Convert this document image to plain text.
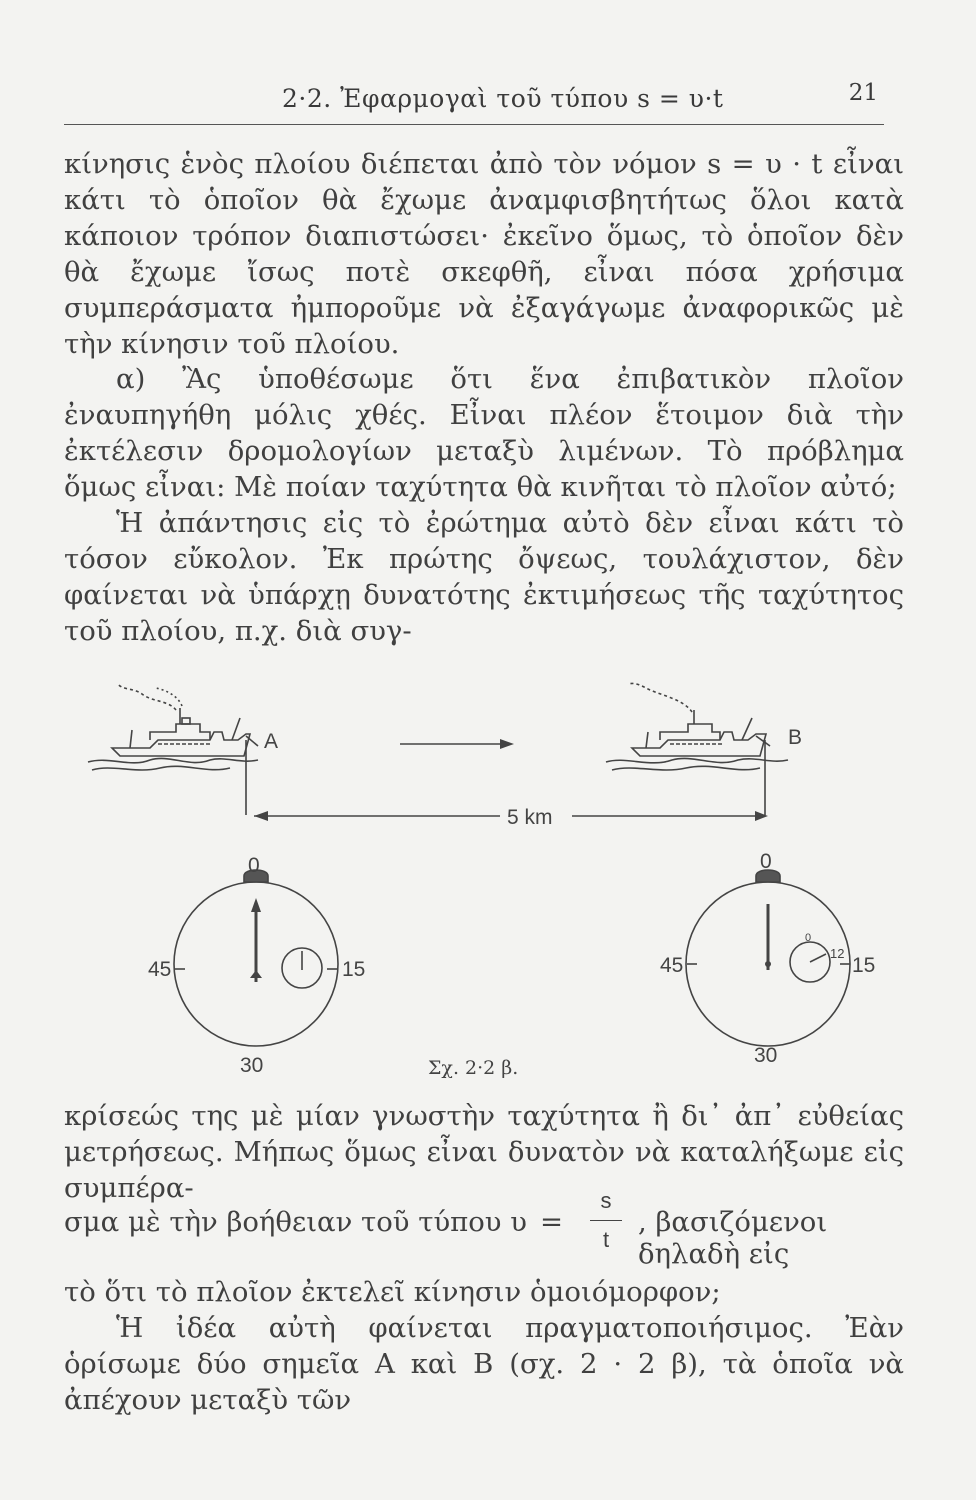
2·2. Ἐφαρμογαὶ τοῦ τύπου s = υ·t	21

κίνησις ἑνὸς πλοίου διέπεται ἀπὸ τὸν νόμον s = υ · t εἶναι κάτι τὸ ὁποῖον θὰ ἔχωμε ἀναμφισβητήτως ὅλοι κατὰ κάποιον τρόπον διαπιστώσει· ἐκεῖνο ὅμως, τὸ ὁποῖον δὲν θὰ ἔχωμε ἴσως ποτὲ σκεφθῆ, εἶναι πόσα χρήσιμα συμπεράσματα ἠμποροῦμε νὰ ἐξαγάγωμε ἀναφορικῶς μὲ τὴν κίνησιν τοῦ πλοίου.

α) Ἂς ὑποθέσωμε ὅτι ἕνα ἐπιβατικὸν πλοῖον ἐναυπηγήθη μόλις χθές. Εἶναι πλέον ἕτοιμον διὰ τὴν ἐκτέλεσιν δρομολογίων μεταξὺ λιμένων. Τὸ πρόβλημα ὅμως εἶναι: Μὲ ποίαν ταχύτητα θὰ κινῆται τὸ πλοῖον αὐτό;

Ἡ ἀπάντησις εἰς τὸ ἐρώτημα αὐτὸ δὲν εἶναι κάτι τὸ τόσον εὔκολον. Ἐκ πρώτης ὄψεως, τουλάχιστον, δὲν φαίνεται νὰ ὑπάρχῃ δυνατότης ἐκτιμήσεως τῆς ταχύτητος τοῦ πλοίου, π.χ. διὰ συγ-

A	B
5 km
0
45	15
30
0
45	15
30
0
12
Σχ. 2·2 β.

κρίσεώς της μὲ μίαν γνωστὴν ταχύτητα ἢ δι᾽ ἀπ᾽ εὐθείας μετρήσεως. Μήπως ὅμως εἶναι δυνατὸν νὰ καταλήξωμε εἰς συμπέρα-

σμα μὲ τὴν βοήθειαν τοῦ τύπου υ =
s
t
, βασιζόμενοι δηλαδὴ εἰς

τὸ ὅτι τὸ πλοῖον ἐκτελεῖ κίνησιν ὁμοιόμορφον;

Ἡ ἰδέα αὐτὴ φαίνεται πραγματοποιήσιμος. Ἐὰν ὁρίσωμε δύο σημεῖα A καὶ B (σχ. 2 · 2 β), τὰ ὁποῖα νὰ ἀπέχουν μεταξὺ τῶν
